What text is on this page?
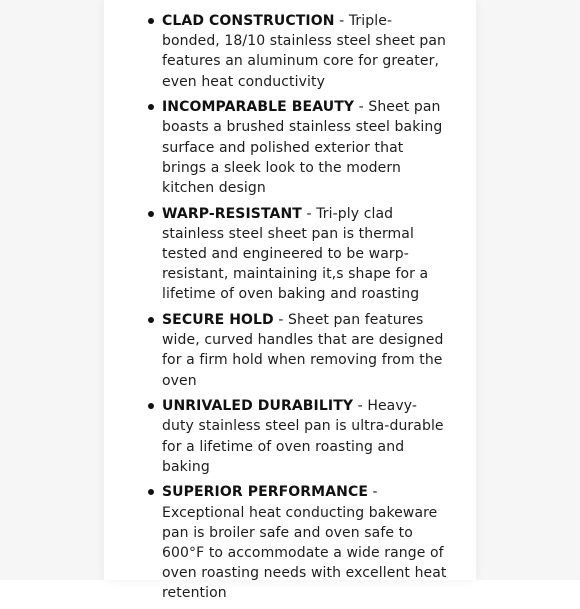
CLAD CONSTRUCTION - Triple-bonded, 18/10 stainless steel sheet pan features an aluminum core for greater, even heat conductivity
INCOMPARABLE BEAUTY - Sheet pan boasts a brushed stainless steel baking surface and polished exterior that brings a sleek look to the modern kitchen design
WARP-RESISTANT - Tri-ply clad stainless steel sheet pan is thermal tested and engineered to be warp-resistant, maintaining it,s shape for a lifetime of oven baking and roasting
SECURE HOLD - Sheet pan features wide, curved handles that are designed for a firm hold when removing from the oven
UNRIVALED DURABILITY - Heavy-duty stainless steel pan is ultra-durable for a lifetime of oven roasting and baking
SUPERIOR PERFORMANCE - Exceptional heat conducting bakeware pan is broiler safe and oven safe to 600°F to accommodate a wide range of oven roasting needs with excellent heat retention
